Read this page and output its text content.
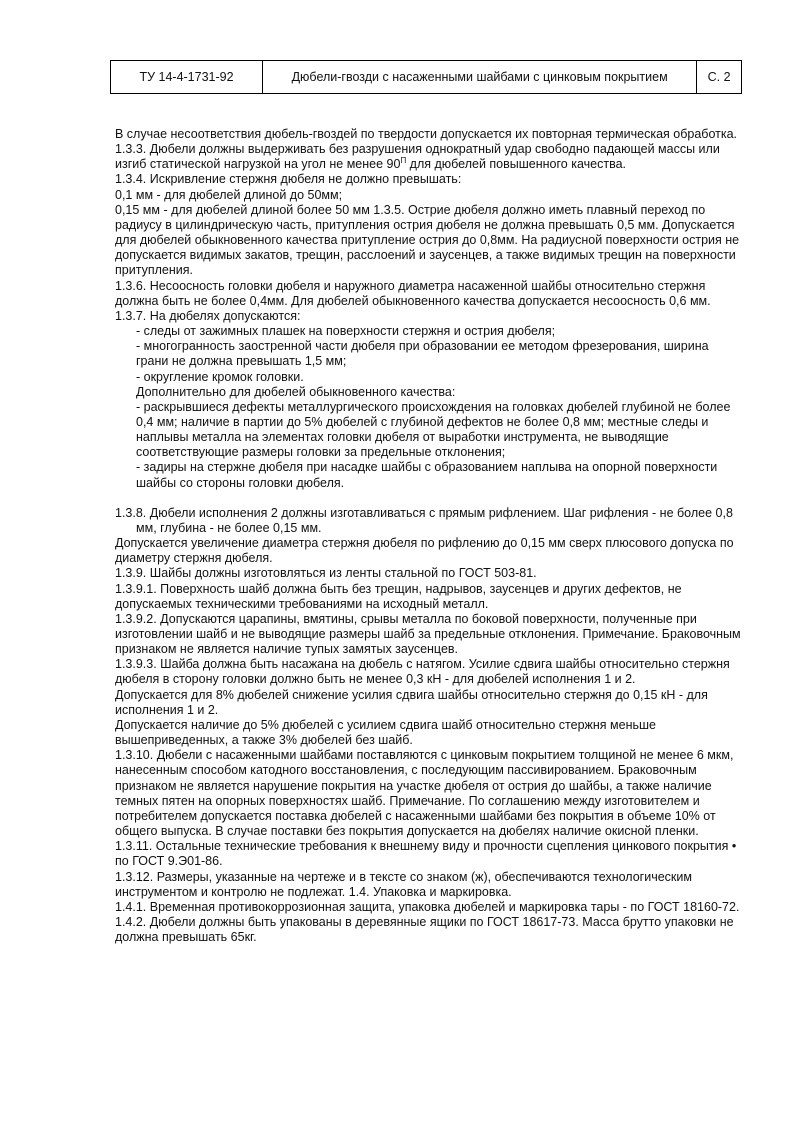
ТУ 14-4-1731-92	Дюбели-гвозди с насаженными шайбами с цинковым покрытием	С. 2

В случае несоответствия дюбель-гвоздей по твердости допускается их повторная термическая обработка.

1.3.3. Дюбели должны выдерживать без разрушения однократный удар свободно падающей массы или изгиб статической нагрузкой на угол не менее $90^П$ для дюбелей повышенного качества.

1.3.4. Искривление стержня дюбеля не должно превышать:

0,1 мм - для дюбелей длиной до 50мм;

0,15 мм - для дюбелей длиной более 50 мм 1.3.5. Острие дюбеля должно иметь плавный переход по радиусу в цилиндрическую часть, притупления острия дюбеля не должна превышать 0,5 мм. Допускается для дюбелей обыкновенного качества притупление острия до 0,8мм. На радиусной поверхности острия не допускается видимых закатов, трещин, расслоений и заусенцев, а также видимых трещин на поверхности притупления.

1.3.6. Несоосность головки дюбеля и наружного диаметра насаженной шайбы относительно стержня должна быть не более 0,4мм. Для дюбелей обыкновенного качества допускается несоосность 0,6 мм.

1.3.7. На дюбелях допускаются:

- следы от зажимных плашек на поверхности стержня и острия дюбеля;

- многогранность заостренной части дюбеля при образовании ее методом фрезерования, ширина грани не должна превышать 1,5 мм;

- округление кромок головки.

Дополнительно для дюбелей обыкновенного качества:

- раскрывшиеся дефекты металлургического происхождения на головках дюбелей глубиной не более 0,4 мм; наличие в партии до 5% дюбелей с глубиной дефектов не более 0,8 мм; местные следы и наплывы металла на элементах головки дюбеля от выработки инструмента, не выводящие соответствующие размеры головки за предельные отклонения;

- задиры на стержне дюбеля при насадке шайбы с образованием наплыва на опорной поверхности шайбы со стороны головки дюбеля.

1.3.8. Дюбели исполнения 2 должны изготавливаться с прямым рифлением. Шаг рифления - не более 0,8 мм, глубина - не более 0,15 мм.

Допускается увеличение диаметра стержня дюбеля по рифлению до 0,15 мм сверх плюсового допуска по диаметру стержня дюбеля.

1.3.9. Шайбы должны изготовляться из ленты стальной по ГОСТ 503-81.

1.3.9.1. Поверхность шайб должна быть без трещин, надрывов, заусенцев и других дефектов, не допускаемых техническими требованиями на исходный металл.

1.3.9.2. Допускаются царапины, вмятины, срывы металла по боковой поверхности, полученные при изготовлении шайб и не выводящие размеры шайб за предельные отклонения. Примечание. Браковочным признаком не является наличие тупых замятых заусенцев.

1.3.9.3. Шайба должна быть насажана на дюбель с натягом. Усилие сдвига шайбы относительно стержня дюбеля в сторону головки должно быть не менее 0,3 кН - для дюбелей исполнения 1 и 2.

Допускается для 8% дюбелей снижение усилия сдвига шайбы относительно стержня до 0,15 кН - для исполнения 1 и 2.

Допускается наличие до 5% дюбелей с усилием сдвига шайб относительно стержня меньше вышеприведенных, а также 3% дюбелей без шайб.

1.3.10. Дюбели с насаженными шайбами поставляются с цинковым покрытием толщиной не менее 6 мкм, нанесенным способом катодного восстановления, с последующим пассивированием. Браковочным признаком не является нарушение покрытия на участке дюбеля от острия до шайбы, а также наличие темных пятен на опорных поверхностях шайб. Примечание. По соглашению между изготовителем и потребителем допускается поставка дюбелей с насаженными шайбами без покрытия в объеме 10% от общего выпуска. В случае поставки без покрытия допускается на дюбелях наличие окисной пленки.

1.3.11. Остальные технические требования к внешнему виду и прочности сцепления цинкового покрытия • по ГОСТ 9.Э01-86.

1.3.12. Размеры, указанные на чертеже и в тексте со знаком (ж), обеспечиваются технологическим инструментом и контролю не подлежат. 1.4. Упаковка и маркировка.

1.4.1. Временная противокоррозионная защита, упаковка дюбелей и маркировка тары - по ГОСТ 18160-72.

1.4.2. Дюбели должны быть упакованы в деревянные ящики по ГОСТ 18617-73. Масса брутто упаковки не должна превышать 65кг.
